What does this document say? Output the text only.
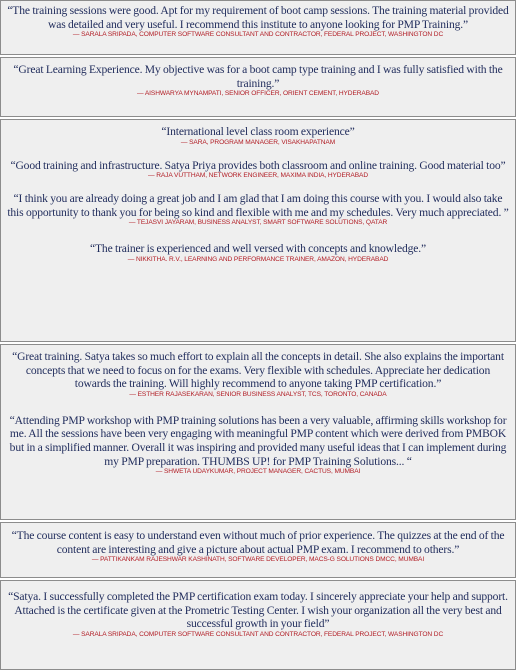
“The training sessions were good. Apt for my requirement of boot camp sessions. The training material provided was detailed and very useful. I recommend this institute to anyone looking for PMP Training.”

— SARALA SRIPADA, COMPUTER SOFTWARE CONSULTANT AND CONTRACTOR, FEDERAL PROJECT, WASHINGTON DC

“Great Learning Experience. My objective was for a boot camp type training and I was fully satisfied with the training.”

— AISHWARYA MYNAMPATI, SENIOR OFFICER, ORIENT CEMENT, HYDERABAD

“International level class room experience”

— SARA, PROGRAM MANAGER, VISAKHAPATNAM

“Good training and infrastructure. Satya Priya provides both classroom and online training. Good material too”

— RAJA VUTTHAM, NETWORK ENGINEER, MAXIMA INDIA, HYDERABAD

“I think you are already doing a great job and I am glad that I am doing this course with you. I would also take this opportunity to thank you for being so kind and flexible with me and my schedules. Very much appreciated. ”

— TEJASVI JAYARAM, BUSINESS ANALYST, SMART SOFTWARE SOLUTIONS, QATAR

“The trainer is experienced and well versed with concepts and knowledge.”

— NIKKITHA. R.V., LEARNING AND PERFORMANCE TRAINER, AMAZON, HYDERABAD

“Great training. Satya takes so much effort to explain all the concepts in detail. She also explains the important concepts that we need to focus on for the exams. Very flexible with schedules. Appreciate her dedication towards the training. Will highly recommend to anyone taking PMP certification.”

— ESTHER RAJASEKARAN, SENIOR BUSINESS ANALYST, TCS, TORONTO, CANADA

“Attending PMP workshop with PMP training solutions has been a very valuable, affirming skills workshop for me. All the sessions have been very engaging with meaningful PMP content which were derived from PMBOK but in a simplified manner. Overall it was inspiring and provided many useful ideas that I can implement during my PMP preparation. THUMBS UP! for PMP Training Solutions... “

— SHWETA UDAYKUMAR, PROJECT MANAGER, CACTUS, MUMBAI

“The course content is easy to understand even without much of prior experience. The quizzes at the end of the content are interesting and give a picture about actual PMP exam. I recommend to others.”

— PATTIKANKAM RAJESHWAR KASHINATH, SOFTWARE DEVELOPER, MACS-G SOLUTIONS DMCC, MUMBAI

“Satya. I successfully completed the PMP certification exam today. I sincerely appreciate your help and support. Attached is the certificate given at the Prometric Testing Center. I wish your organization all the very best and successful growth in your field”

— SARALA SRIPADA, COMPUTER SOFTWARE CONSULTANT AND CONTRACTOR, FEDERAL PROJECT, WASHINGTON DC
